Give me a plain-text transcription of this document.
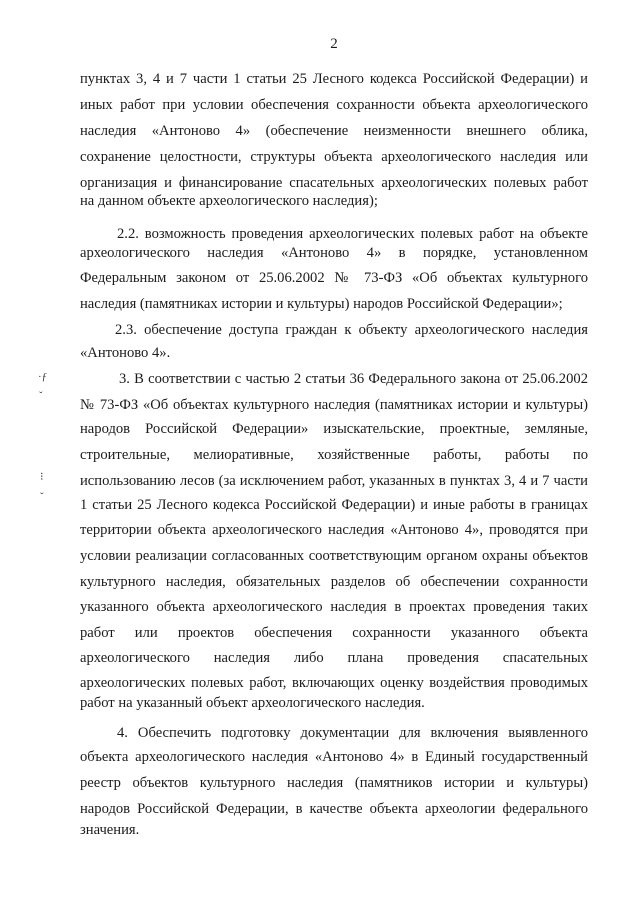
2
·ƒ
ˇ
⁝
ˇ
пунктах 3, 4 и 7 части 1 статьи 25 Лесного кодекса Российской Федерации) и
иных работ при условии обеспечения сохранности объекта археологического
наследия «Антоново 4» (обеспечение неизменности внешнего облика,
сохранение целостности, структуры объекта археологического наследия или
организация и финансирование спасательных археологических полевых работ
на данном объекте археологического наследия);
2.2. возможность проведения археологических полевых работ на объекте
археологического наследия «Антоново 4» в порядке, установленном
Федеральным законом от 25.06.2002 № 73-ФЗ «Об объектах культурного
наследия (памятниках истории и культуры) народов Российской Федерации»;
2.3. обеспечение доступа граждан к объекту археологического наследия
«Антоново 4».
3. В соответствии с частью 2 статьи 36 Федерального закона от 25.06.2002
№ 73-ФЗ «Об объектах культурного наследия (памятниках истории и культуры)
народов Российской Федерации» изыскательские, проектные, земляные,
строительные, мелиоративные, хозяйственные работы, работы по
использованию лесов (за исключением работ, указанных в пунктах 3, 4 и 7 части
1 статьи 25 Лесного кодекса Российской Федерации) и иные работы в границах
территории объекта археологического наследия «Антоново 4», проводятся при
условии реализации согласованных соответствующим органом охраны объектов
культурного наследия, обязательных разделов об обеспечении сохранности
указанного объекта археологического наследия в проектах проведения таких
работ или проектов обеспечения сохранности указанного объекта
археологического наследия либо плана проведения спасательных
археологических полевых работ, включающих оценку воздействия проводимых
работ на указанный объект археологического наследия.
4. Обеспечить подготовку документации для включения выявленного
объекта археологического наследия «Антоново 4» в Единый государственный
реестр объектов культурного наследия (памятников истории и культуры)
народов Российской Федерации, в качестве объекта археологии федерального
значения.
